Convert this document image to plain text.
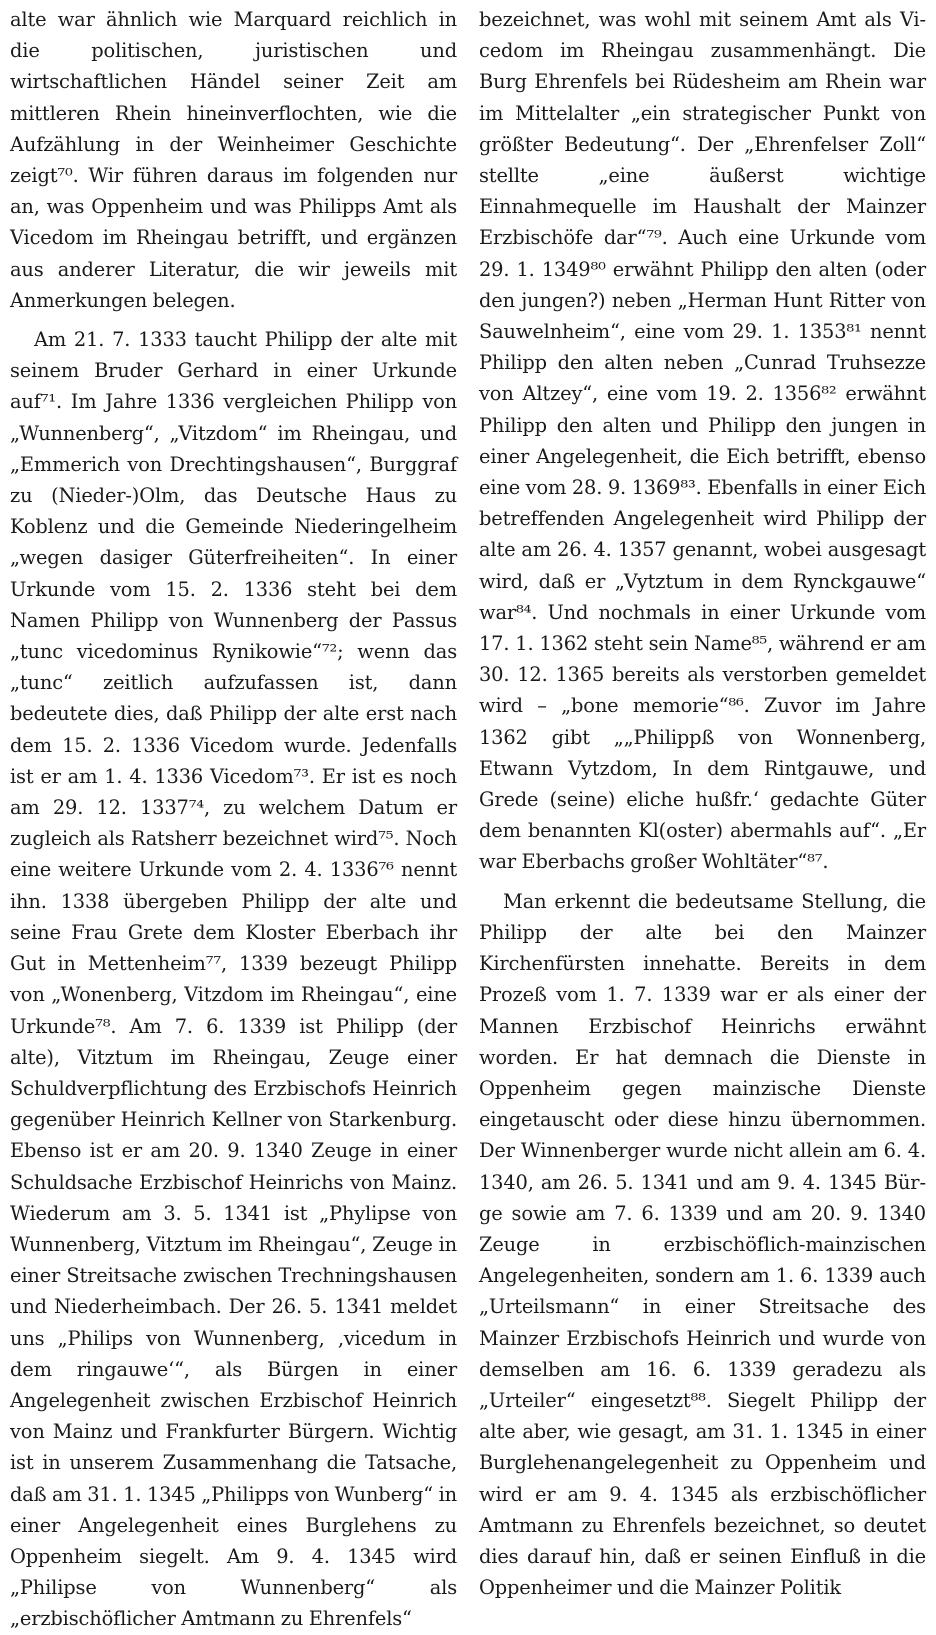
alte war ähnlich wie Marquard reichlich in die politischen, juristischen und wirtschaftlichen Händel seiner Zeit am mittleren Rhein hineinverflochten, wie die Aufzählung in der Weinheimer Geschichte zeigt⁷⁰. Wir führen daraus im folgenden nur an, was Oppenheim und was Philipps Amt als Vicedom im Rheingau betrifft, und ergänzen aus anderer Literatur, die wir jeweils mit Anmerkungen belegen.

Am 21. 7. 1333 taucht Philipp der alte mit seinem Bruder Gerhard in einer Urkunde auf⁷¹. Im Jahre 1336 vergleichen Philipp von „Wunnenberg“, „Vitzdom“ im Rheingau, und „Emmerich von Drechtingshausen“, Burggraf zu (Nieder-)Olm, das Deutsche Haus zu Koblenz und die Gemeinde Niederingelheim „wegen dasiger Güterfreiheiten“. In einer Urkunde vom 15. 2. 1336 steht bei dem Namen Philipp von Wunnenberg der Passus „tunc vicedominus Rynikowie“⁷²; wenn das „tunc“ zeitlich aufzufassen ist, dann bedeutete dies, daß Philipp der alte erst nach dem 15. 2. 1336 Vicedom wurde. Jedenfalls ist er am 1. 4. 1336 Vicedom⁷³. Er ist es noch am 29. 12. 1337⁷⁴, zu welchem Datum er zugleich als Ratsherr bezeichnet wird⁷⁵. Noch eine weitere Urkunde vom 2. 4. 1336⁷⁶ nennt ihn. 1338 übergeben Philipp der alte und seine Frau Grete dem Kloster Eberbach ihr Gut in Mettenheim⁷⁷, 1339 bezeugt Philipp von „Wonenberg, Vitzdom im Rheingau“, eine Urkunde⁷⁸. Am 7. 6. 1339 ist Philipp (der alte), Vitztum im Rheingau, Zeuge einer Schuldverpflichtung des Erzbischofs Heinrich gegenüber Heinrich Kellner von Starkenburg. Ebenso ist er am 20. 9. 1340 Zeuge in einer Schuldsache Erzbischof Heinrichs von Mainz. Wiederum am 3. 5. 1341 ist „Phylipse von Wunnenberg, Vitztum im Rheingau“, Zeuge in einer Streitsache zwischen Trechningshausen und Niederheimbach. Der 26. 5. 1341 meldet uns „Philips von Wunnenberg, ‚vicedum in dem ringauwe‘“, als Bürgen in einer Angelegenheit zwischen Erzbischof Heinrich von Mainz und Frankfurter Bürgern. Wichtig ist in unserem Zusammenhang die Tatsache, daß am 31. 1. 1345 „Philipps von Wunberg“ in einer Angelegenheit eines Burglehens zu Oppenheim siegelt. Am 9. 4. 1345 wird „Philipse von Wunnenberg“ als „erzbischöflicher Amtmann zu Ehrenfels“

bezeichnet, was wohl mit seinem Amt als Vicedom im Rheingau zusammenhängt. Die Burg Ehrenfels bei Rüdesheim am Rhein war im Mittelalter „ein strategischer Punkt von größter Bedeutung“. Der „Ehrenfelser Zoll“ stellte „eine äußerst wichtige Einnahmequelle im Haushalt der Mainzer Erzbischöfe dar“⁷⁹. Auch eine Urkunde vom 29. 1. 1349⁸⁰ erwähnt Philipp den alten (oder den jungen?) neben „Herman Hunt Ritter von Sauwelnheim“, eine vom 29. 1. 1353⁸¹ nennt Philipp den alten neben „Cunrad Truhsezze von Altzey“, eine vom 19. 2. 1356⁸² erwähnt Philipp den alten und Philipp den jungen in einer Angelegenheit, die Eich betrifft, ebenso eine vom 28. 9. 1369⁸³. Ebenfalls in einer Eich betreffenden Angelegenheit wird Philipp der alte am 26. 4. 1357 genannt, wobei ausgesagt wird, daß er „Vytztum in dem Rynckgauwe“ war⁸⁴. Und nochmals in einer Urkunde vom 17. 1. 1362 steht sein Name⁸⁵, während er am 30. 12. 1365 bereits als verstorben gemeldet wird – „bone memorie“⁸⁶. Zuvor im Jahre 1362 gibt „„Philippß von Wonnenberg, Etwann Vytzdom, In dem Rintgauwe, und Grede (seine) eliche hußfr.‘ gedachte Güter dem benannten Kl(oster) abermahls auf“. „Er war Eberbachs großer Wohltäter“⁸⁷.

Man erkennt die bedeutsame Stellung, die Philipp der alte bei den Mainzer Kirchenfürsten innehatte. Bereits in dem Prozeß vom 1. 7. 1339 war er als einer der Mannen Erzbischof Heinrichs erwähnt worden. Er hat demnach die Dienste in Oppenheim gegen mainzische Dienste eingetauscht oder diese hinzu übernommen. Der Winnenberger wurde nicht allein am 6. 4. 1340, am 26. 5. 1341 und am 9. 4. 1345 Bürge sowie am 7. 6. 1339 und am 20. 9. 1340 Zeuge in erzbischöflich-mainzischen Angelegenheiten, sondern am 1. 6. 1339 auch „Urteilsmann“ in einer Streitsache des Mainzer Erzbischofs Heinrich und wurde von demselben am 16. 6. 1339 geradezu als „Urteiler“ eingesetzt⁸⁸. Siegelt Philipp der alte aber, wie gesagt, am 31. 1. 1345 in einer Burglehenangelegenheit zu Oppenheim und wird er am 9. 4. 1345 als erzbischöflicher Amtmann zu Ehrenfels bezeichnet, so deutet dies darauf hin, daß er seinen Einfluß in die Oppenheimer und die Mainzer Politik
